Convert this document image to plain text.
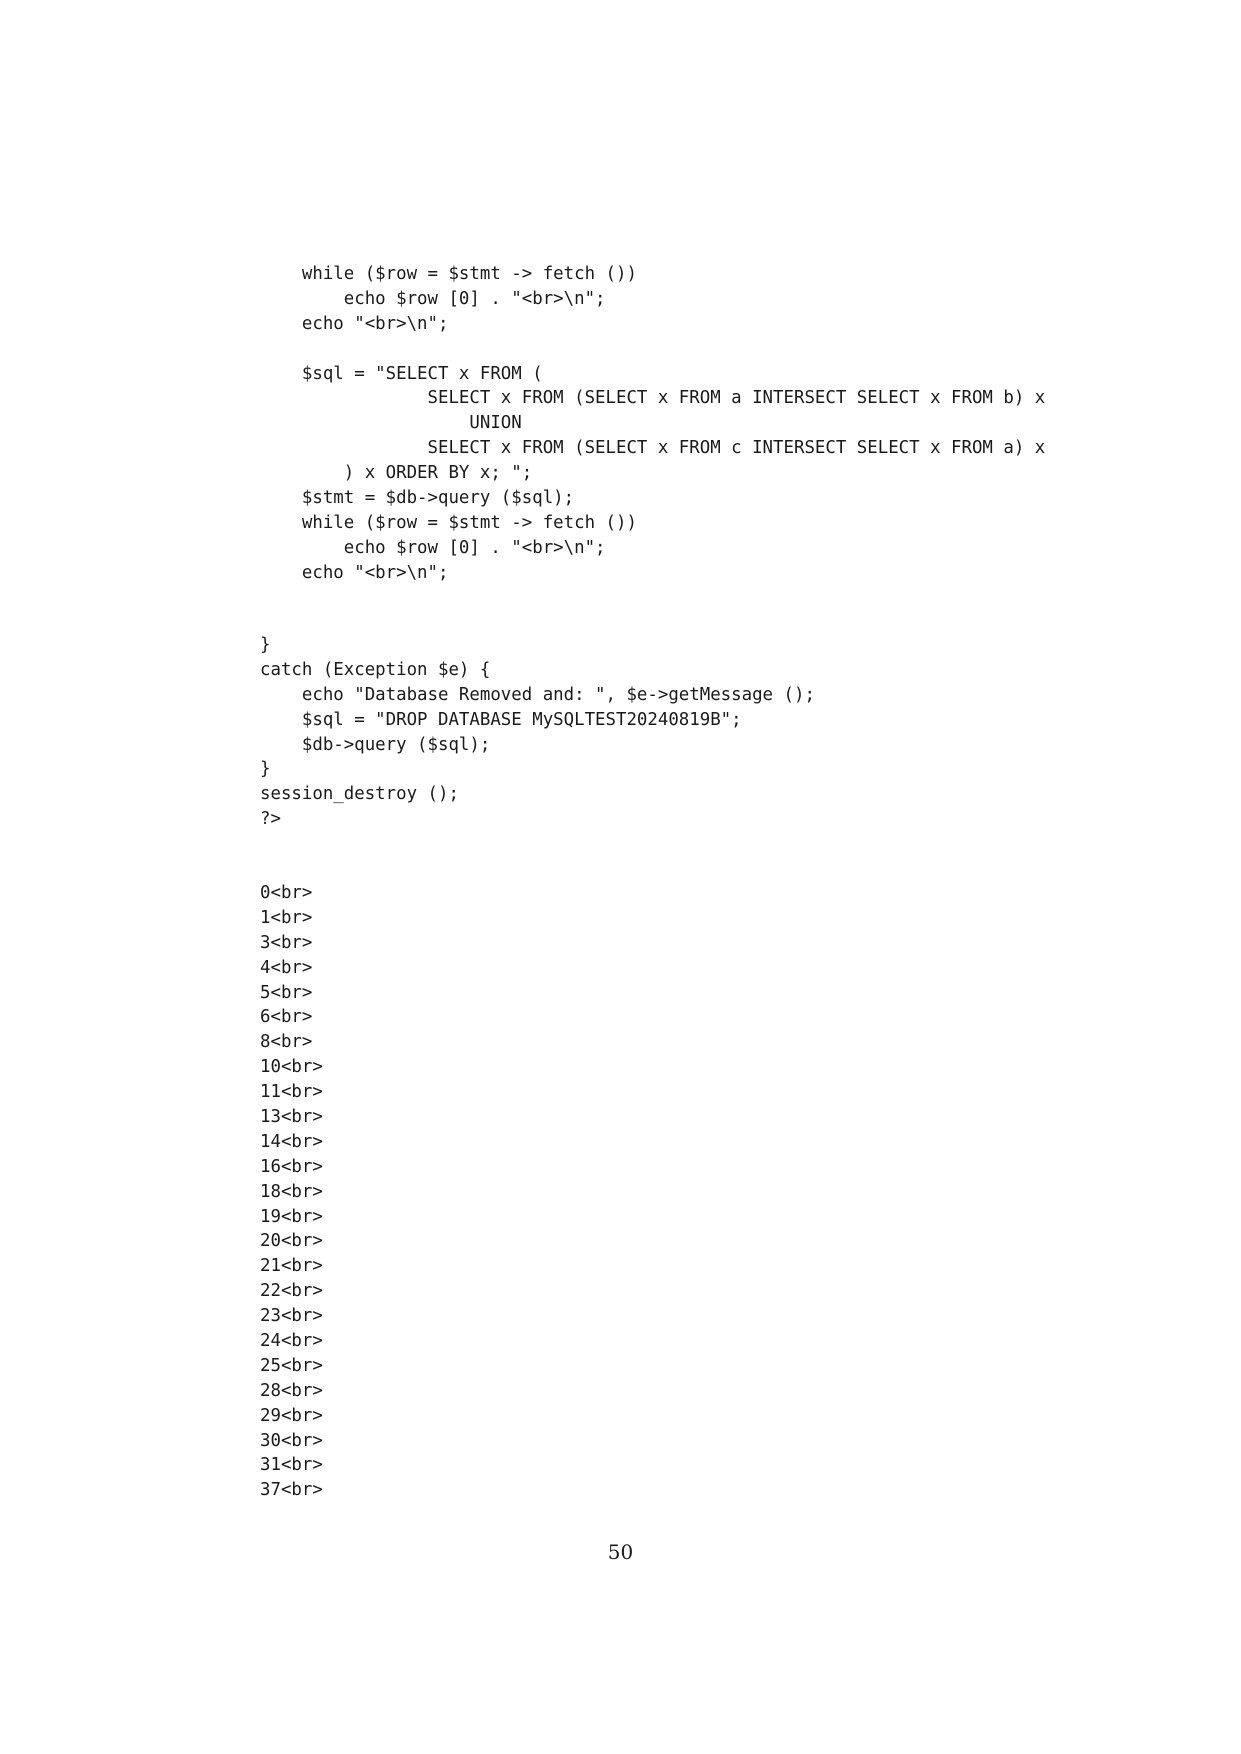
while ($row = $stmt -> fetch ())
echo $row [0] . "<br>\n";
echo "<br>\n";
$sql = "SELECT x FROM (
SELECT x FROM (SELECT x FROM a INTERSECT SELECT x FROM b) x
UNION
SELECT x FROM (SELECT x FROM c INTERSECT SELECT x FROM a) x
) x ORDER BY x; ";
$stmt = $db->query ($sql);
while ($row = $stmt -> fetch ())
echo $row [0] . "<br>\n";
echo "<br>\n";
}
catch (Exception $e) {
echo "Database Removed and: ", $e->getMessage ();
$sql = "DROP DATABASE MySQLTEST20240819B";
$db->query ($sql);
}
session_destroy ();
?>
0<br>
1<br>
3<br>
4<br>
5<br>
6<br>
8<br>
10<br>
11<br>
13<br>
14<br>
16<br>
18<br>
19<br>
20<br>
21<br>
22<br>
23<br>
24<br>
25<br>
28<br>
29<br>
30<br>
31<br>
37<br>
50
